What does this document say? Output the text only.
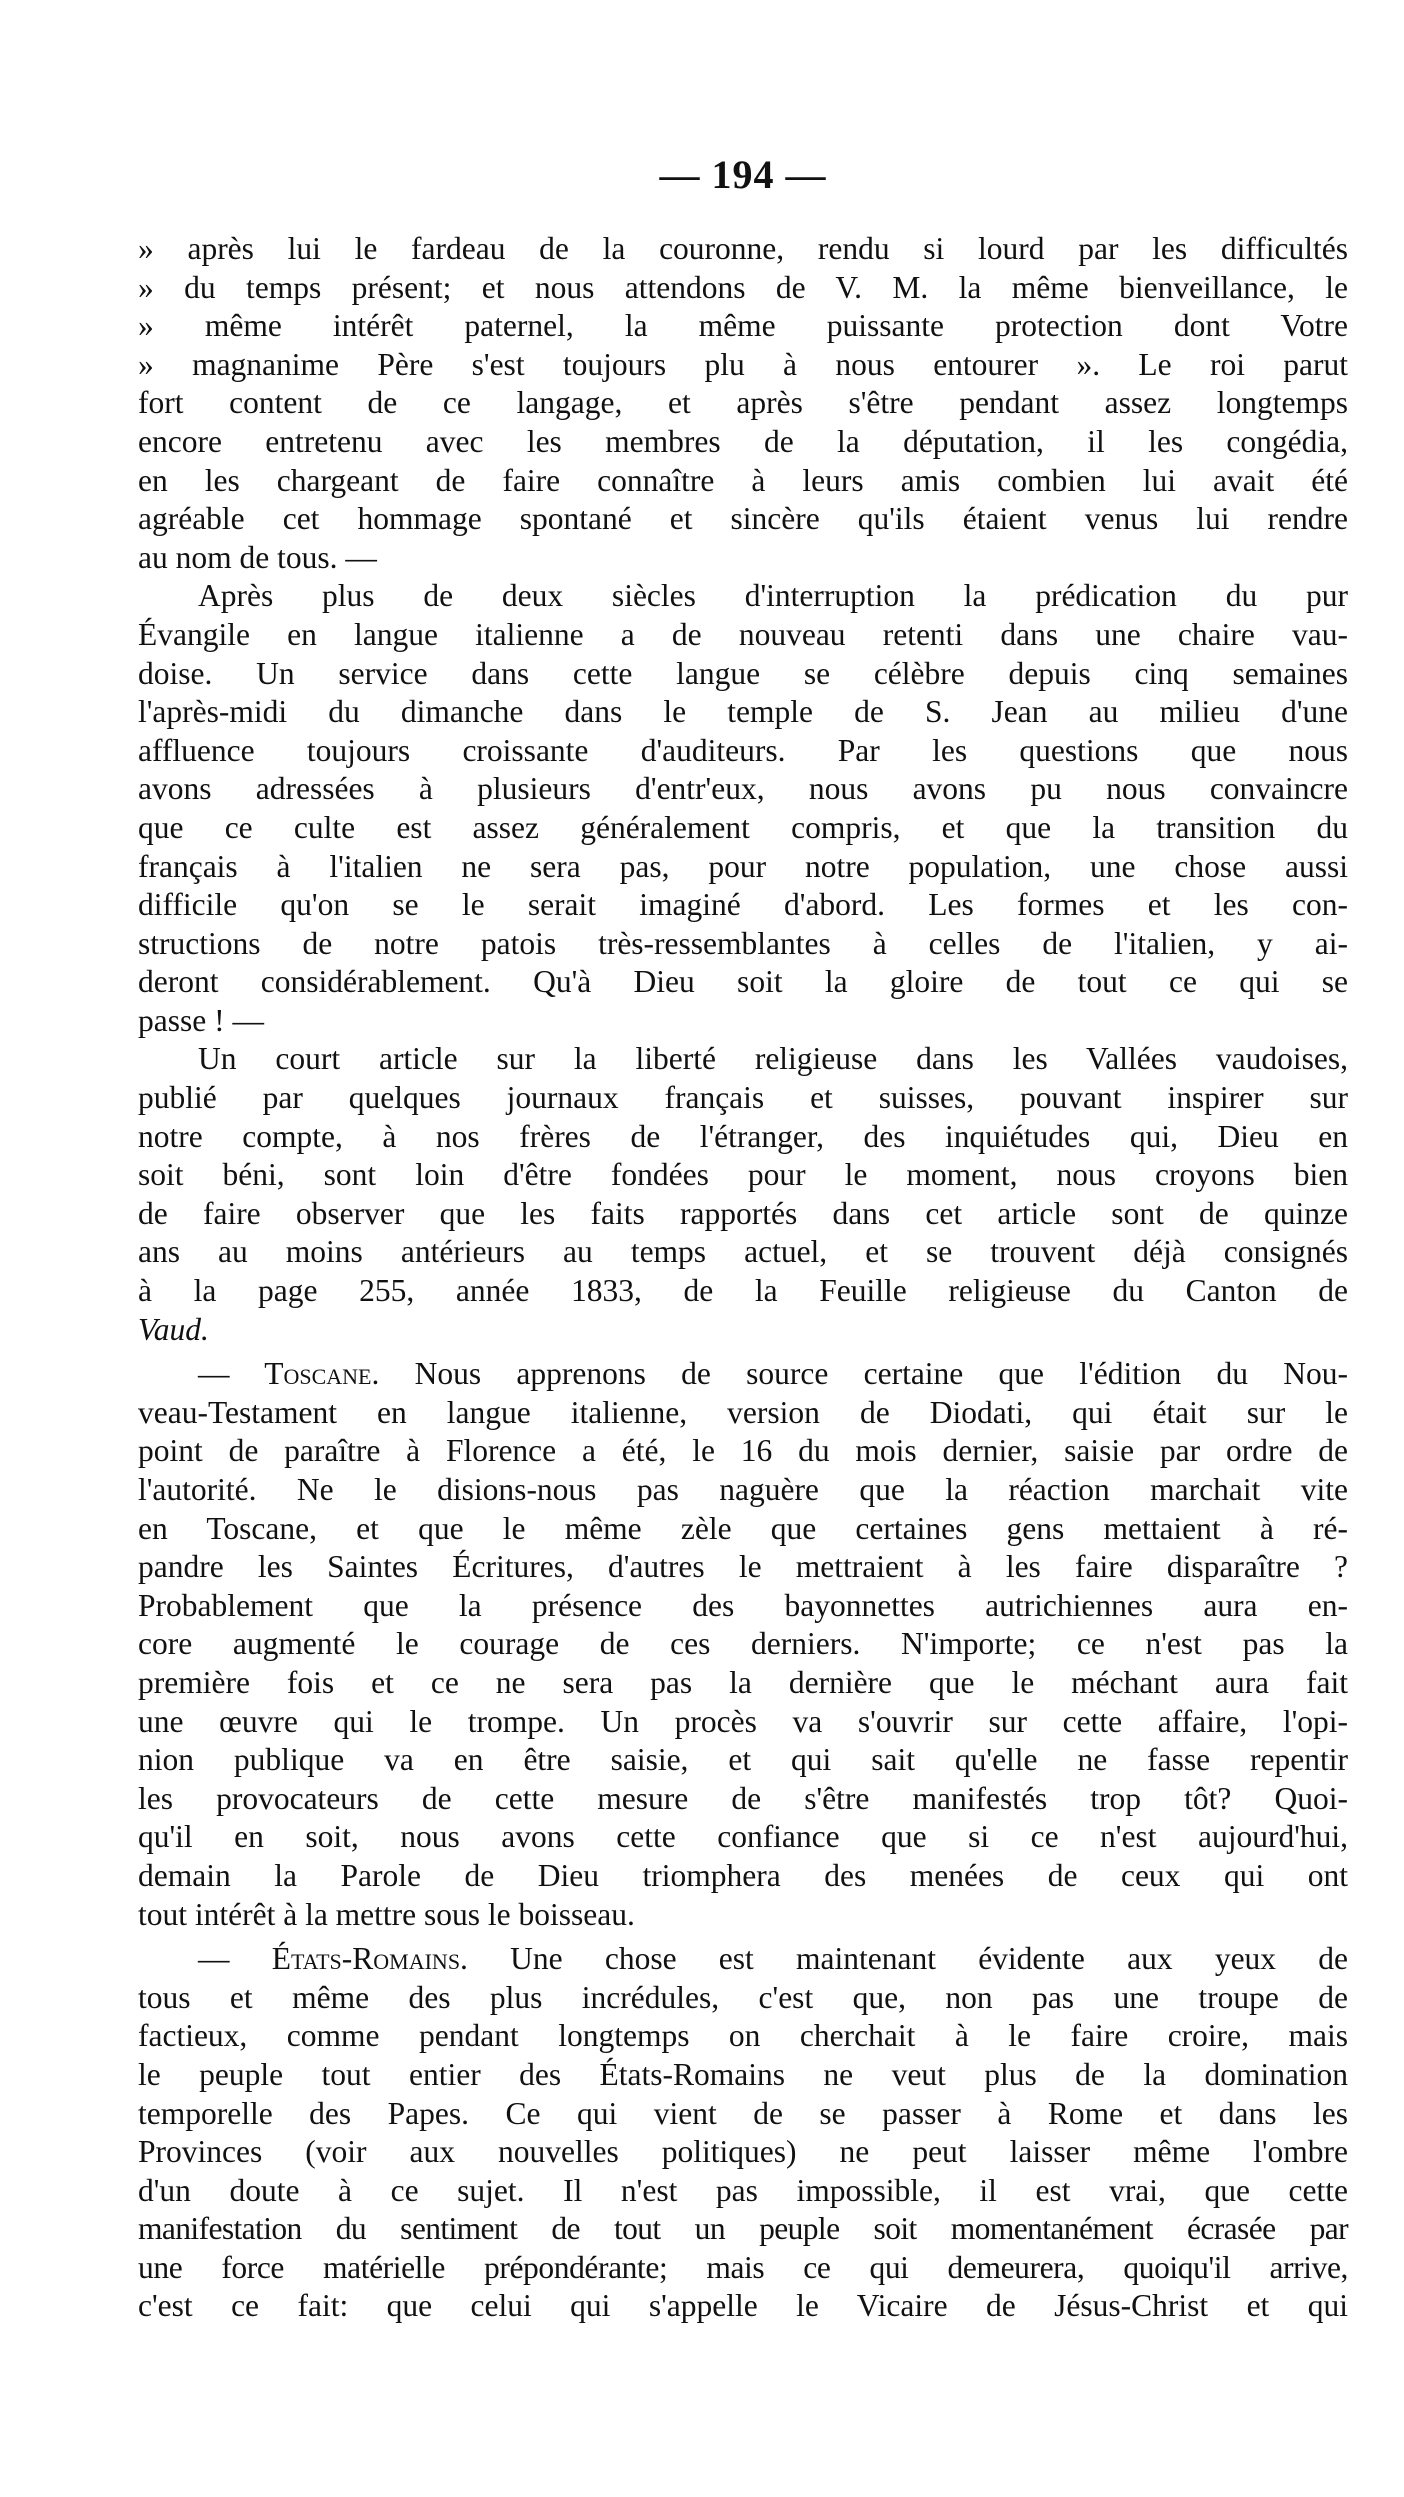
— 194 —
» après lui le fardeau de la couronne, rendu si lourd par les difficultés
» du temps présent; et nous attendons de V. M. la même bienveillance, le
» même intérêt paternel, la même puissante protection dont Votre
» magnanime Père s'est toujours plu à nous entourer ». Le roi parut
fort content de ce langage, et après s'être pendant assez longtemps
encore entretenu avec les membres de la députation, il les congédia,
en les chargeant de faire connaître à leurs amis combien lui avait été
agréable cet hommage spontané et sincère qu'ils étaient venus lui rendre
au nom de tous. —
Après plus de deux siècles d'interruption la prédication du pur
Évangile en langue italienne a de nouveau retenti dans une chaire vau-
doise. Un service dans cette langue se célèbre depuis cinq semaines
l'après-midi du dimanche dans le temple de S. Jean au milieu d'une
affluence toujours croissante d'auditeurs. Par les questions que nous
avons adressées à plusieurs d'entr'eux, nous avons pu nous convaincre
que ce culte est assez généralement compris, et que la transition du
français à l'italien ne sera pas, pour notre population, une chose aussi
difficile qu'on se le serait imaginé d'abord. Les formes et les con-
structions de notre patois très-ressemblantes à celles de l'italien, y ai-
deront considérablement. Qu'à Dieu soit la gloire de tout ce qui se
passe ! —
Un court article sur la liberté religieuse dans les Vallées vaudoises,
publié par quelques journaux français et suisses, pouvant inspirer sur
notre compte, à nos frères de l'étranger, des inquiétudes qui, Dieu en
soit béni, sont loin d'être fondées pour le moment, nous croyons bien
de faire observer que les faits rapportés dans cet article sont de quinze
ans au moins antérieurs au temps actuel, et se trouvent déjà consignés
à la page 255, année 1833, de la Feuille religieuse du Canton de
Vaud.
— Toscane. Nous apprenons de source certaine que l'édition du Nou-
veau-Testament en langue italienne, version de Diodati, qui était sur le
point de paraître à Florence a été, le 16 du mois dernier, saisie par ordre de
l'autorité. Ne le disions-nous pas naguère que la réaction marchait vite
en Toscane, et que le même zèle que certaines gens mettaient à ré-
pandre les Saintes Écritures, d'autres le mettraient à les faire disparaître ?
Probablement que la présence des bayonnettes autrichiennes aura en-
core augmenté le courage de ces derniers. N'importe; ce n'est pas la
première fois et ce ne sera pas la dernière que le méchant aura fait
une œuvre qui le trompe. Un procès va s'ouvrir sur cette affaire, l'opi-
nion publique va en être saisie, et qui sait qu'elle ne fasse repentir
les provocateurs de cette mesure de s'être manifestés trop tôt? Quoi-
qu'il en soit, nous avons cette confiance que si ce n'est aujourd'hui,
demain la Parole de Dieu triomphera des menées de ceux qui ont
tout intérêt à la mettre sous le boisseau.
— États-Romains. Une chose est maintenant évidente aux yeux de
tous et même des plus incrédules, c'est que, non pas une troupe de
factieux, comme pendant longtemps on cherchait à le faire croire, mais
le peuple tout entier des États-Romains ne veut plus de la domination
temporelle des Papes. Ce qui vient de se passer à Rome et dans les
Provinces (voir aux nouvelles politiques) ne peut laisser même l'ombre
d'un doute à ce sujet. Il n'est pas impossible, il est vrai, que cette
manifestation du sentiment de tout un peuple soit momentanément écrasée par
une force matérielle prépondérante; mais ce qui demeurera, quoiqu'il arrive,
c'est ce fait: que celui qui s'appelle le Vicaire de Jésus-Christ et qui
